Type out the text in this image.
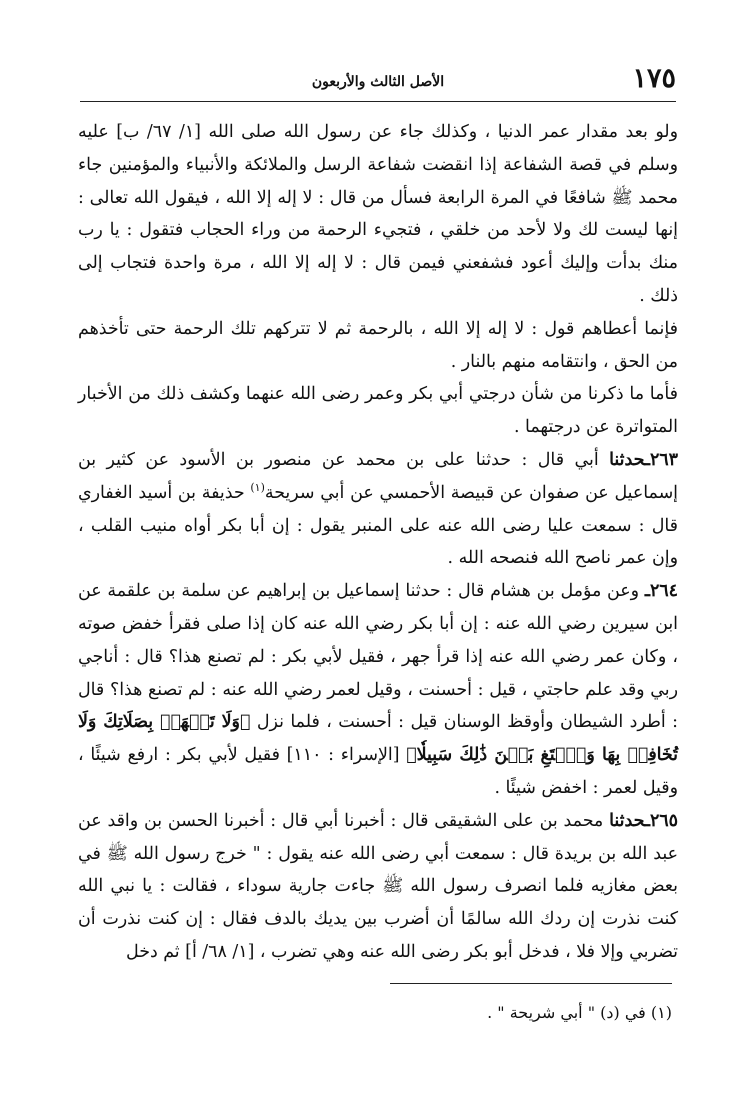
١٧٥
الأصل الثالث والأربعون

ولو بعد مقدار عمر الدنيا ، وكذلك جاء عن رسول الله صلى الله [١/ ٦٧/ ب] عليه وسلم في قصة الشفاعة إذا انقضت شفاعة الرسل والملائكة والأنبياء والمؤمنين جاء محمد ﷺ شافعًا في المرة الرابعة فسأل من قال : لا إله إلا الله ، فيقول الله تعالى : إنها ليست لك ولا لأحد من خلقي ، فتجيء الرحمة من وراء الحجاب فتقول : يا رب منك بدأت وإليك أعود فشفعني فيمن قال : لا إله إلا الله ، مرة واحدة فتجاب إلى ذلك .

فإنما أعطاهم قول : لا إله إلا الله ، بالرحمة ثم لا تتركهم تلك الرحمة حتى تأخذهم من الحق ، وانتقامه منهم بالنار .

فأما ما ذكرنا من شأن درجتي أبي بكر وعمر رضى الله عنهما وكشف ذلك من الأخبار المتواترة عن درجتهما .

٢٦٣ـحدثنا أبي قال : حدثنا على بن محمد عن منصور بن الأسود عن كثير بن إسماعيل عن صفوان عن قبيصة الأحمسي عن أبي سريحة$^{(١)}$ حذيفة بن أسيد الغفاري قال : سمعت عليا رضى الله عنه على المنبر يقول : إن أبا بكر أواه منيب القلب ، وإن عمر ناصح الله فنصحه الله .

٢٦٤ـ وعن مؤمل بن هشام قال : حدثنا إسماعيل بن إبراهيم عن سلمة بن علقمة عن ابن سيرين رضي الله عنه : إن أبا بكر رضي الله عنه كان إذا صلى فقرأ خفض صوته ، وكان عمر رضي الله عنه إذا قرأ جهر ، فقيل لأبي بكر : لم تصنع هذا؟ قال : أناجي ربي وقد علم حاجتي ، قيل : أحسنت ، وقيل لعمر رضي الله عنه : لم تصنع هذا؟ قال : أطرد الشيطان وأوقظ الوسنان قيل : أحسنت ، فلما نزل ﴿وَلَا تَجۡهَرۡ بِصَلَاتِكَ وَلَا تُخَافِتۡ بِهَا وَٱبۡتَغِ بَيۡنَ ذَٰلِكَ سَبِيلٗا﴾ [الإسراء : ١١٠] فقيل لأبي بكر : ارفع شيئًا ، وقيل لعمر : اخفض شيئًا .

٢٦٥ـحدثنا محمد بن على الشقيقى قال : أخبرنا أبي قال : أخبرنا الحسن بن واقد عن عبد الله بن بريدة قال : سمعت أبي رضى الله عنه يقول : " خرج رسول الله ﷺ في بعض مغازيه فلما انصرف رسول الله ﷺ جاءت جارية سوداء ، فقالت : يا نبي الله كنت نذرت إن ردك الله سالمًا أن أضرب بين يديك بالدف فقال : إن كنت نذرت أن تضربي وإلا فلا ، فدخل أبو بكر رضى الله عنه وهي تضرب ، [١/ ٦٨/ أ] ثم دخل

(١) في (د) " أبي شريحة " .
